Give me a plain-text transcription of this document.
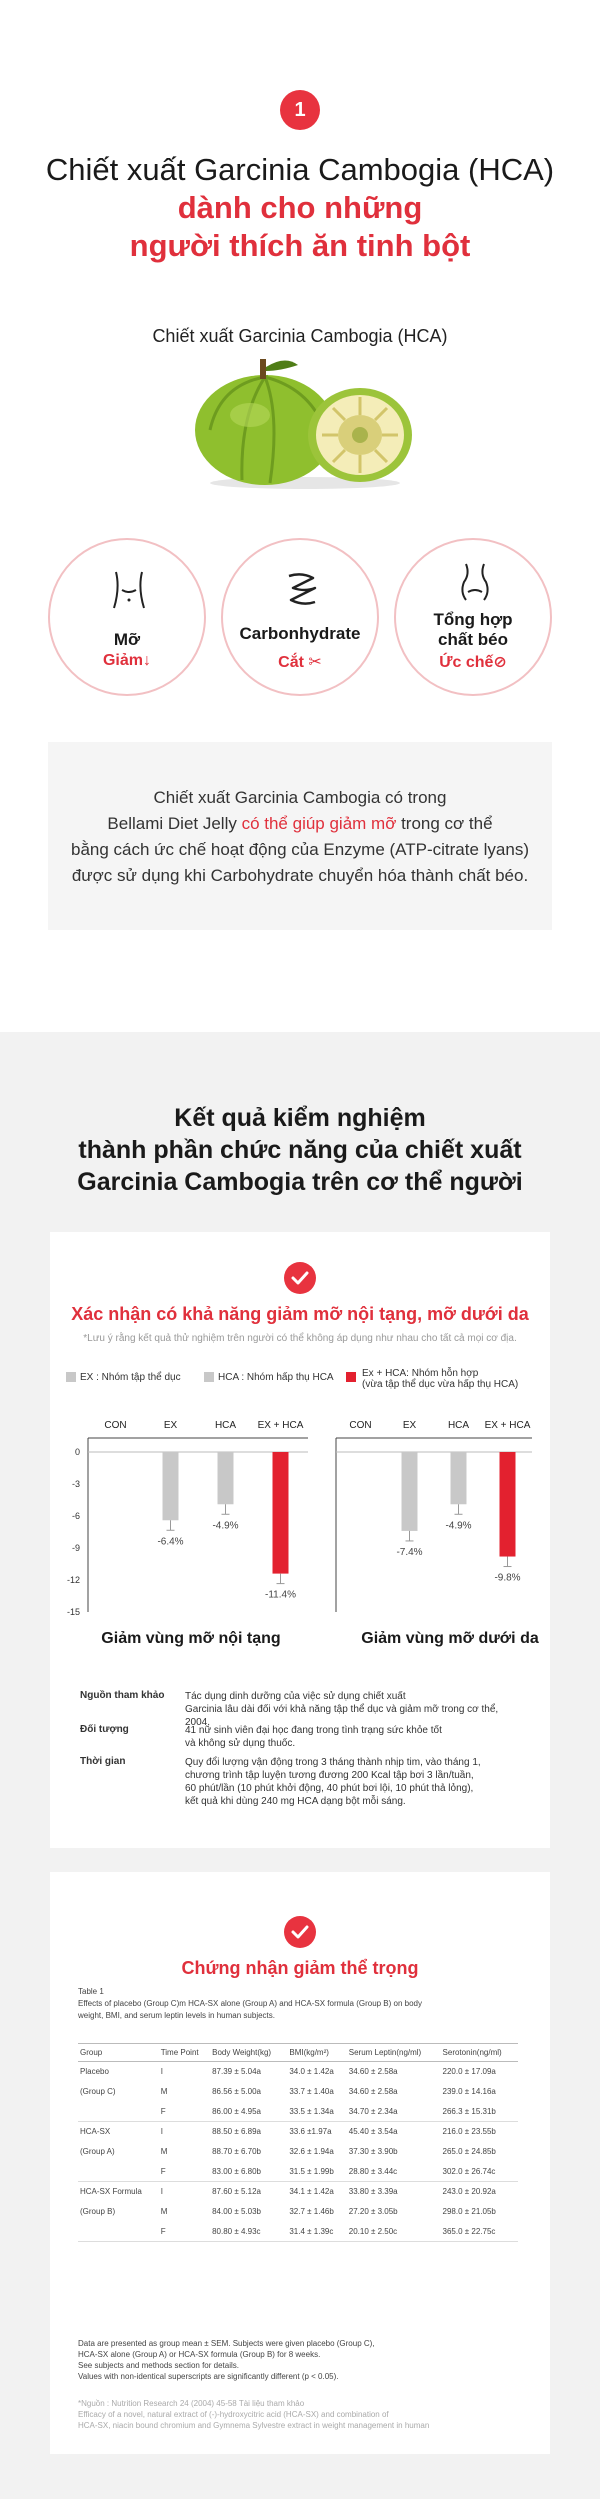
1
Chiết xuất Garcinia Cambogia (HCA)
dành cho những
người thích ăn tinh bột
Chiết xuất Garcinia Cambogia (HCA)
Mỡ
Giảm↓
Carbonhydrate
Cắt ✂
Tổng hợp
chất béo
Ức chế⊘

Chiết xuất Garcinia Cambogia có trong

Bellami Diet Jelly có thể giúp giảm mỡ trong cơ thể

bằng cách ức chế hoạt động của Enzyme (ATP-citrate lyans)

được sử dụng khi Carbohydrate chuyển hóa thành chất béo.

Kết quả kiểm nghiệm
thành phần chức năng của chiết xuất
Garcinia Cambogia trên cơ thể người
Xác nhận có khả năng giảm mỡ nội tạng, mỡ dưới da
*Lưu ý rằng kết quả thử nghiệm trên người có thể không áp dụng như nhau cho tất cả mọi cơ địa.
EX : Nhóm tập thể dục	HCA : Nhóm hấp thụ HCA	Ex + HCA: Nhóm hỗn hợp
(vừa tập thể dục vừa hấp thụ HCA)
0
-3
-6
-9
-12
-15
CON	EX
-6.4%
HCA
-4.9%
EX + HCA
-11.4%
CON	EX
-7.4%
HCA
-4.9%
EX + HCA
-9.8%
Giảm vùng mỡ nội tạng	Giảm vùng mỡ dưới da
Nguồn tham khảo	Tác dụng dinh dưỡng của việc sử dụng chiết xuất
Garcinia lâu dài đối với khả năng tập thể dục và giảm mỡ trong cơ thể, 2004.
Đối tượng	41 nữ sinh viên đại học đang trong tình trạng sức khỏe tốt
và không sử dụng thuốc.
Thời gian	Quy đổi lượng vận động trong 3 tháng thành nhịp tim, vào tháng 1,
chương trình tập luyện tương đương 200 Kcal tập bơi 3 lần/tuần,
60 phút/lần (10 phút khởi động, 40 phút bơi lội, 10 phút thả lỏng),
kết quả khi dùng 240 mg HCA dạng bột mỗi sáng.
Chứng nhận giảm thể trọng
Table 1
Effects of placebo (Group C)m HCA-SX alone (Group A) and HCA-SX formula (Group B) on body
weight, BMI, and serum leptin levels in human subjects.
Group	Time Point	Body Weight(kg)	BMI(kg/m²)	Serum Leptin(ng/ml)	Serotonin(ng/ml)
Placebo	I	87.39 ± 5.04a	34.0 ± 1.42a	34.60 ± 2.58a	220.0 ± 17.09a
(Group C)	M	86.56 ± 5.00a	33.7 ± 1.40a	34.60 ± 2.58a	239.0 ± 14.16a
	F	86.00 ± 4.95a	33.5 ± 1.34a	34.70 ± 2.34a	266.3 ± 15.31b
HCA-SX	I	88.50 ± 6.89a	33.6 ±1.97a	45.40 ± 3.54a	216.0 ± 23.55b
(Group A)	M	88.70 ± 6.70b	32.6 ± 1.94a	37.30 ± 3.90b	265.0 ± 24.85b
	F	83.00 ± 6.80b	31.5 ± 1.99b	28.80 ± 3.44c	302.0 ± 26.74c
HCA-SX Formula	I	87.60 ± 5.12a	34.1 ± 1.42a	33.80 ± 3.39a	243.0 ± 20.92a
(Group B)	M	84.00 ± 5.03b	32.7 ± 1.46b	27.20 ± 3.05b	298.0 ± 21.05b
	F	80.80 ± 4.93c	31.4 ± 1.39c	20.10 ± 2.50c	365.0 ± 22.75c
Data are presented as group mean ± SEM. Subjects were given placebo (Group C),
HCA-SX alone (Group A) or HCA-SX formula (Group B) for 8 weeks.
See subjects and methods section for details.
Values with non-identical superscripts are significantly different (p < 0.05).
*Nguồn : Nutrition Research 24 (2004) 45-58 Tài liệu tham khảo
Efficacy of a novel, natural extract of (-)-hydroxycitric acid (HCA-SX) and combination of
HCA-SX, niacin bound chromium and Gymnema Sylvestre extract in weight management in human
